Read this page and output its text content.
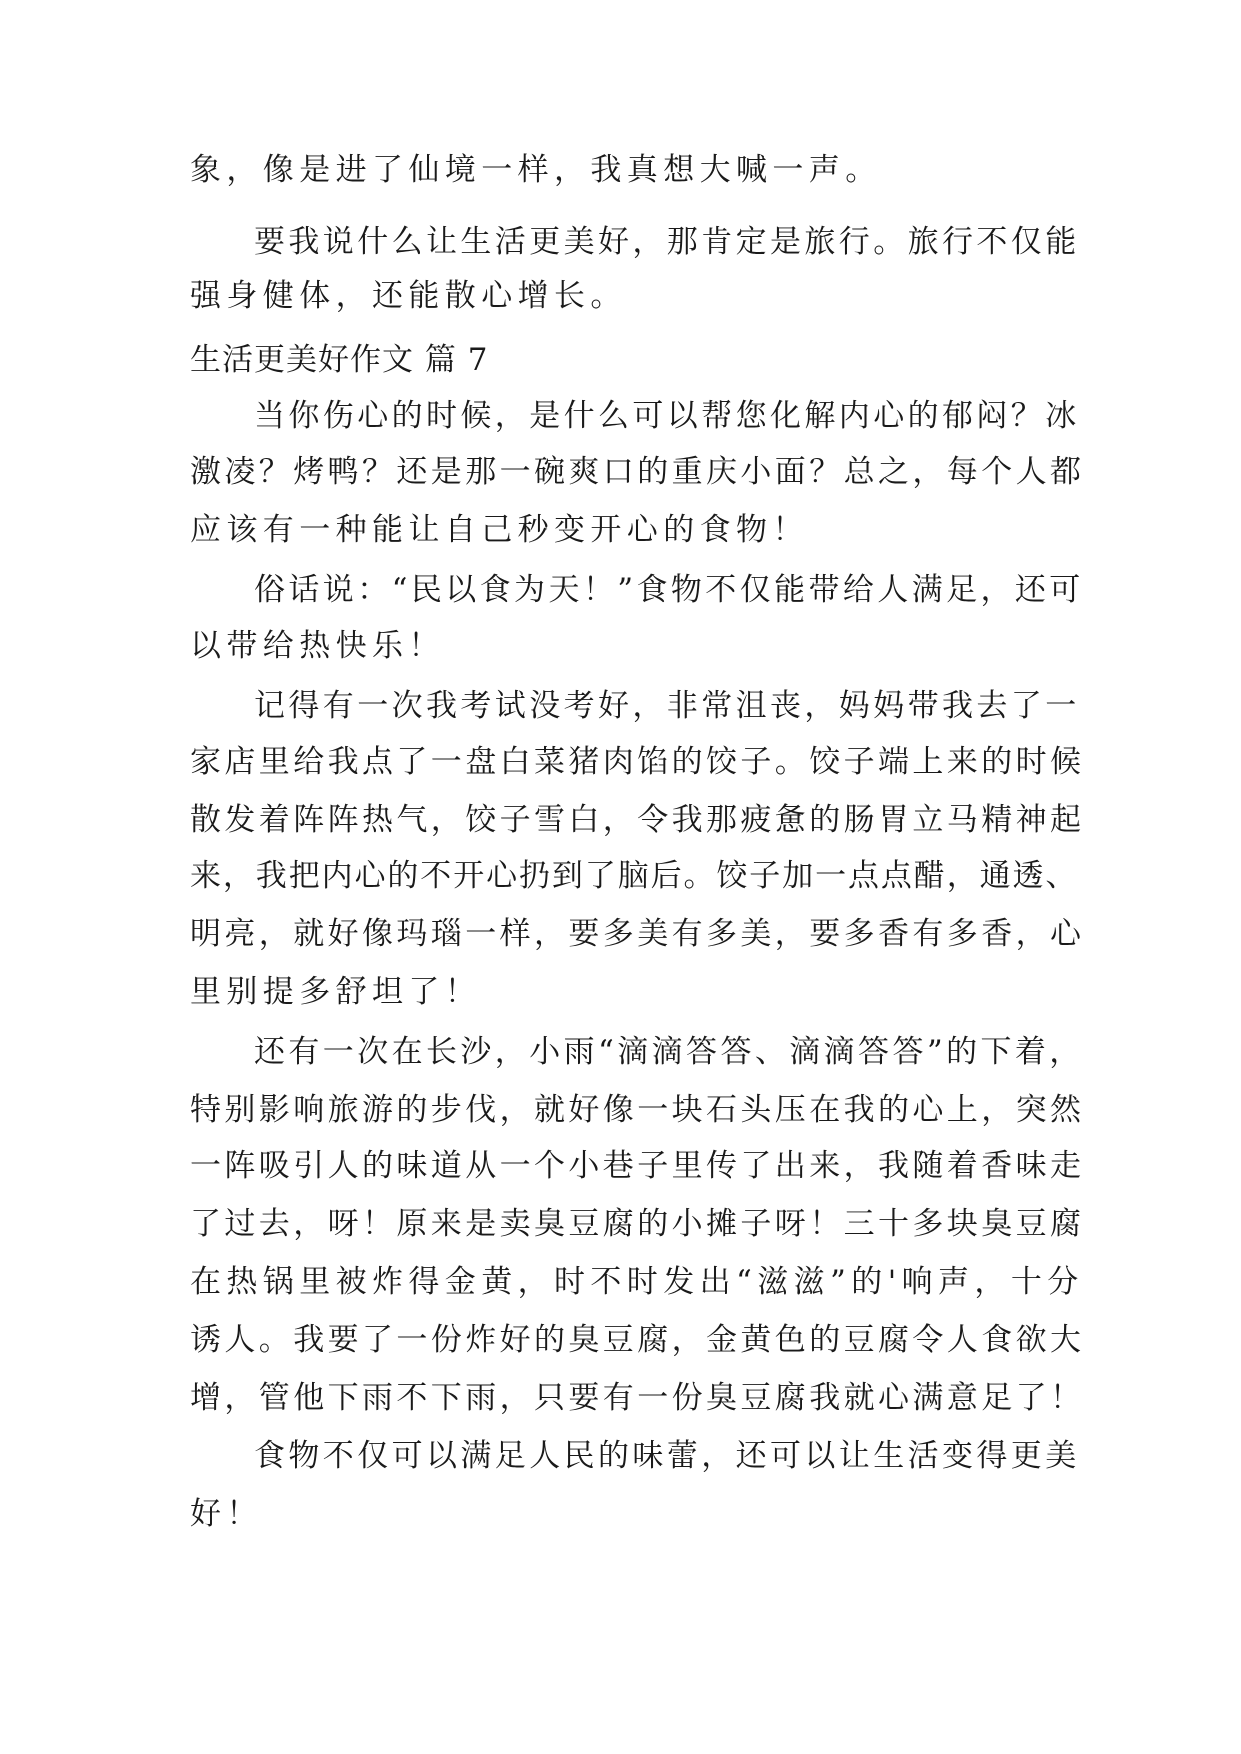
象，像是进了仙境一样，我真想大喊一声。
要我说什么让生活更美好，那肯定是旅行。旅行不仅能
强身健体，还能散心增长。
生活更美好作文 篇 7
当你伤心的时候，是什么可以帮您化解内心的郁闷？冰
激凌？烤鸭？还是那一碗爽口的重庆小面？总之，每个人都
应该有一种能让自己秒变开心的食物！
俗话说：“民以食为天！”食物不仅能带给人满足，还可
以带给热快乐！
记得有一次我考试没考好，非常沮丧，妈妈带我去了一
家店里给我点了一盘白菜猪肉馅的饺子。饺子端上来的时候
散发着阵阵热气，饺子雪白，令我那疲惫的肠胃立马精神起
来，我把内心的不开心扔到了脑后。饺子加一点点醋，通透、
明亮，就好像玛瑙一样，要多美有多美，要多香有多香，心
里别提多舒坦了！
还有一次在长沙，小雨“滴滴答答、滴滴答答”的下着，
特别影响旅游的步伐，就好像一块石头压在我的心上，突然
一阵吸引人的味道从一个小巷子里传了出来，我随着香味走
了过去，呀！原来是卖臭豆腐的小摊子呀！三十多块臭豆腐
在热锅里被炸得金黄，时不时发出“滋滋”的'响声，十分
诱人。我要了一份炸好的臭豆腐，金黄色的豆腐令人食欲大
增，管他下雨不下雨，只要有一份臭豆腐我就心满意足了！
食物不仅可以满足人民的味蕾，还可以让生活变得更美
好！
